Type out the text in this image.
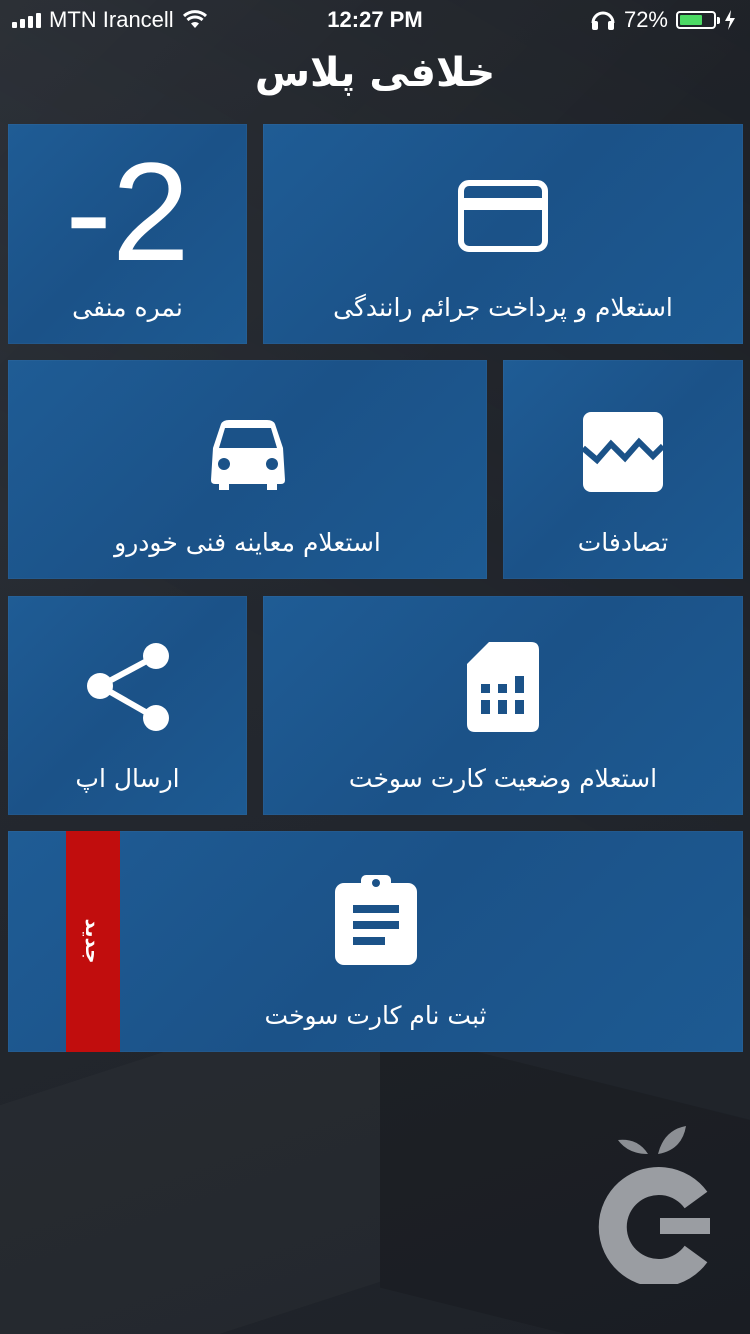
MTN Irancell	12:27 PM	72%
خلافی پلاس
-2
نمره منفی	استعلام و پرداخت جرائم رانندگی
استعلام معاینه فنی خودرو	تصادفات
ارسال اپ	استعلام وضعیت کارت سوخت
جدید
ثبت نام کارت سوخت
